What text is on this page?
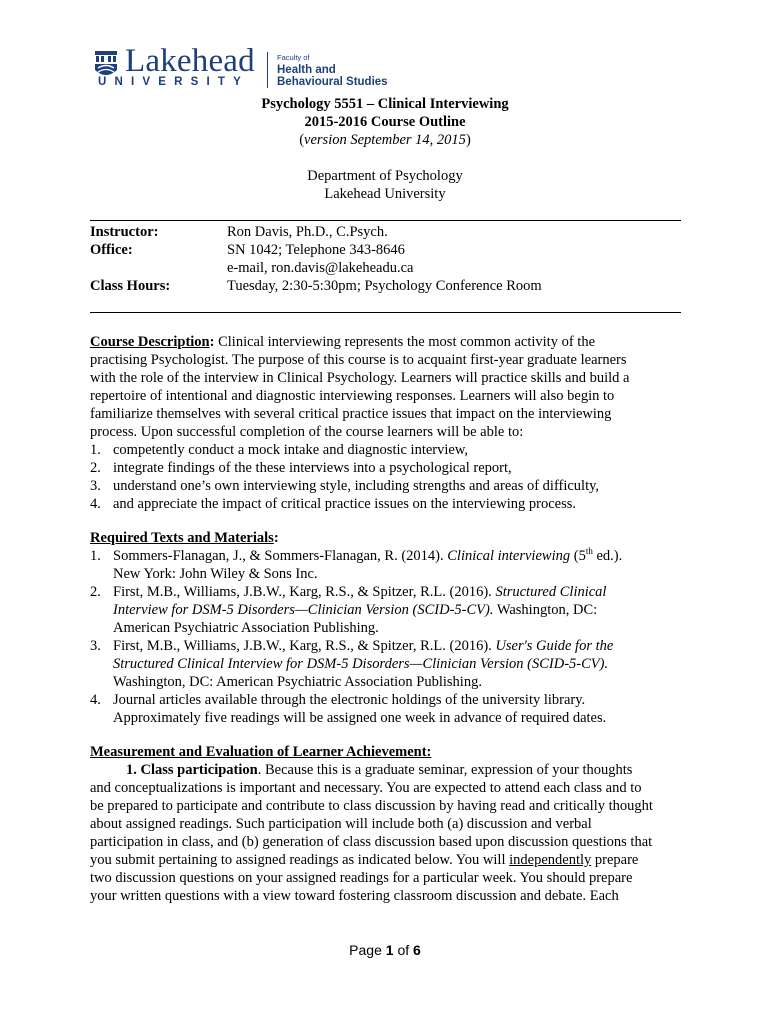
Lakehead
UNIVERSITY
Faculty of
Health and
Behavioural Studies
Psychology 5551 – Clinical Interviewing
2015-2016 Course Outline
(version September 14, 2015)
Department of Psychology
Lakehead University
Instructor:	Ron Davis, Ph.D., C.Psych.
Office:	SN 1042; Telephone 343-8646
e-mail, ron.davis@lakeheadu.ca
Class Hours:	Tuesday, 2:30-5:30pm; Psychology Conference Room
Course Description: Clinical interviewing represents the most common activity of the
practising Psychologist. The purpose of this course is to acquaint first-year graduate learners
with the role of the interview in Clinical Psychology. Learners will practice skills and build a
repertoire of intentional and diagnostic interviewing responses. Learners will also begin to
familiarize themselves with several critical practice issues that impact on the interviewing
process. Upon successful completion of the course learners will be able to:
1. competently conduct a mock intake and diagnostic interview,
2. integrate findings of the these interviews into a psychological report,
3. understand one’s own interviewing style, including strengths and areas of difficulty,
4. and appreciate the impact of critical practice issues on the interviewing process.
Required Texts and Materials:
1. Sommers-Flanagan, J., & Sommers-Flanagan, R. (2014). Clinical interviewing (5th ed.).
New York: John Wiley & Sons Inc.
2. First, M.B., Williams, J.B.W., Karg, R.S., & Spitzer, R.L. (2016). Structured Clinical
Interview for DSM-5 Disorders—Clinician Version (SCID-5-CV). Washington, DC:
American Psychiatric Association Publishing.
3. First, M.B., Williams, J.B.W., Karg, R.S., & Spitzer, R.L. (2016). User's Guide for the
Structured Clinical Interview for DSM-5 Disorders—Clinician Version (SCID-5-CV).
Washington, DC: American Psychiatric Association Publishing.
4. Journal articles available through the electronic holdings of the university library.
Approximately five readings will be assigned one week in advance of required dates.
Measurement and Evaluation of Learner Achievement:
1. Class participation. Because this is a graduate seminar, expression of your thoughts
and conceptualizations is important and necessary. You are expected to attend each class and to
be prepared to participate and contribute to class discussion by having read and critically thought
about assigned readings. Such participation will include both (a) discussion and verbal
participation in class, and (b) generation of class discussion based upon discussion questions that
you submit pertaining to assigned readings as indicated below. You will independently prepare
two discussion questions on your assigned readings for a particular week. You should prepare
your written questions with a view toward fostering classroom discussion and debate. Each
Page 1 of 6
